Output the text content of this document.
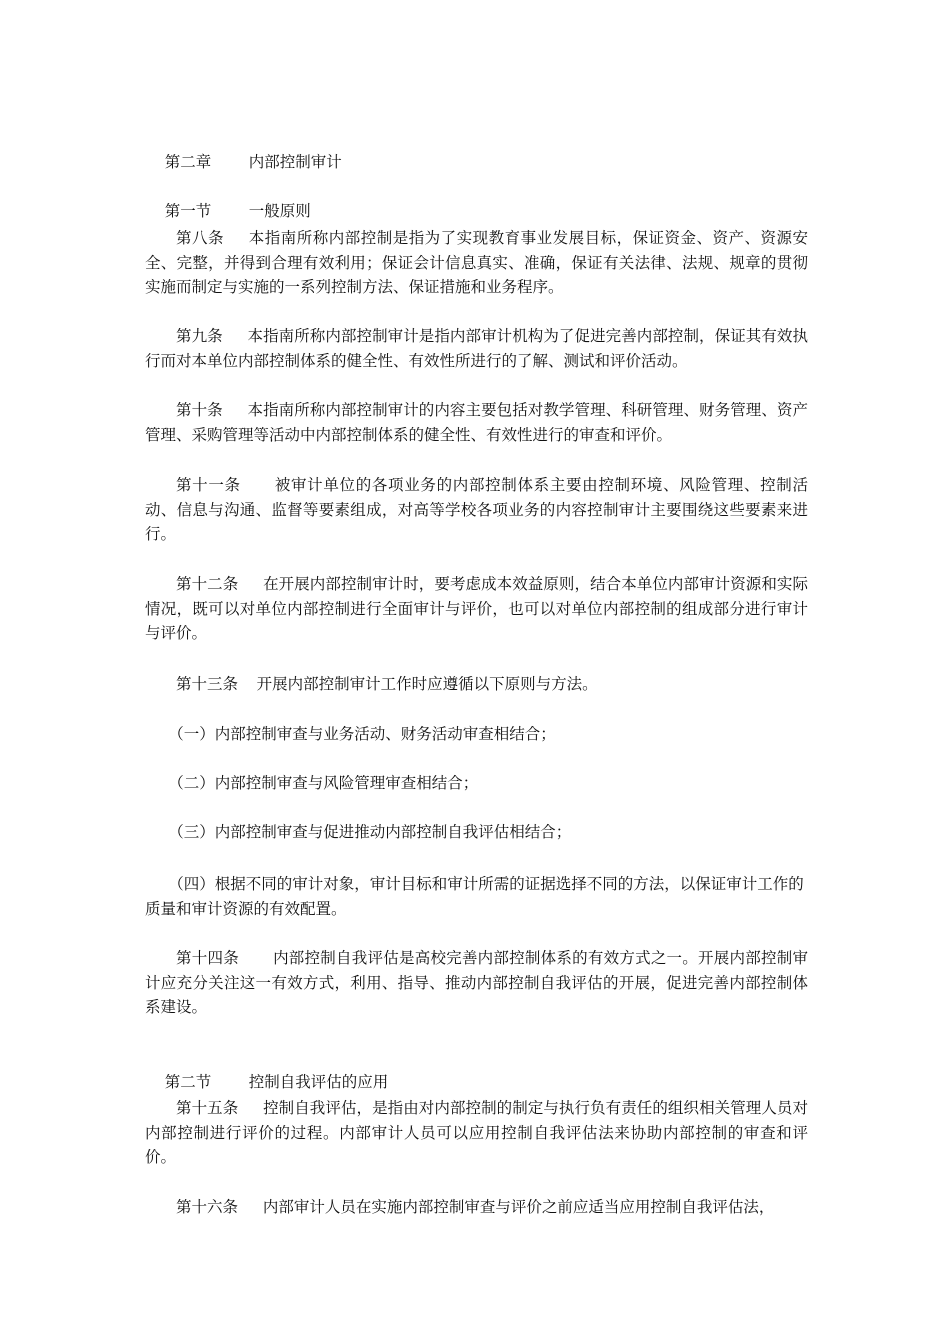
第二章 内部控制审计

第一节 一般原则

第八条 本指南所称内部控制是指为了实现教育事业发展目标，保证资金、资产、资源安全、完整，并得到合理有效利用；保证会计信息真实、准确，保证有关法律、法规、规章的贯彻实施而制定与实施的一系列控制方法、保证措施和业务程序。
第九条 本指南所称内部控制审计是指内部审计机构为了促进完善内部控制，保证其有效执行而对本单位内部控制体系的健全性、有效性所进行的了解、测试和评价活动。
第十条 本指南所称内部控制审计的内容主要包括对教学管理、科研管理、财务管理、资产管理、采购管理等活动中内部控制体系的健全性、有效性进行的审查和评价。
第十一条 被审计单位的各项业务的内部控制体系主要由控制环境、风险管理、控制活动、信息与沟通、监督等要素组成，对高等学校各项业务的内容控制审计主要围绕这些要素来进行。
第十二条 在开展内部控制审计时，要考虑成本效益原则，结合本单位内部审计资源和实际情况，既可以对单位内部控制进行全面审计与评价，也可以对单位内部控制的组成部分进行审计与评价。
第十三条 开展内部控制审计工作时应遵循以下原则与方法。
（一）内部控制审查与业务活动、财务活动审查相结合；
（二）内部控制审查与风险管理审查相结合；
（三）内部控制审查与促进推动内部控制自我评估相结合；
（四）根据不同的审计对象，审计目标和审计所需的证据选择不同的方法，以保证审计工作的质量和审计资源的有效配置。
第十四条 内部控制自我评估是高校完善内部控制体系的有效方式之一。开展内部控制审计应充分关注这一有效方式，利用、指导、推动内部控制自我评估的开展，促进完善内部控制体系建设。

第二节 控制自我评估的应用

第十五条 控制自我评估，是指由对内部控制的制定与执行负有责任的组织相关管理人员对内部控制进行评价的过程。内部审计人员可以应用控制自我评估法来协助内部控制的审查和评价。
第十六条 内部审计人员在实施内部控制审查与评价之前应适当应用控制自我评估法，
